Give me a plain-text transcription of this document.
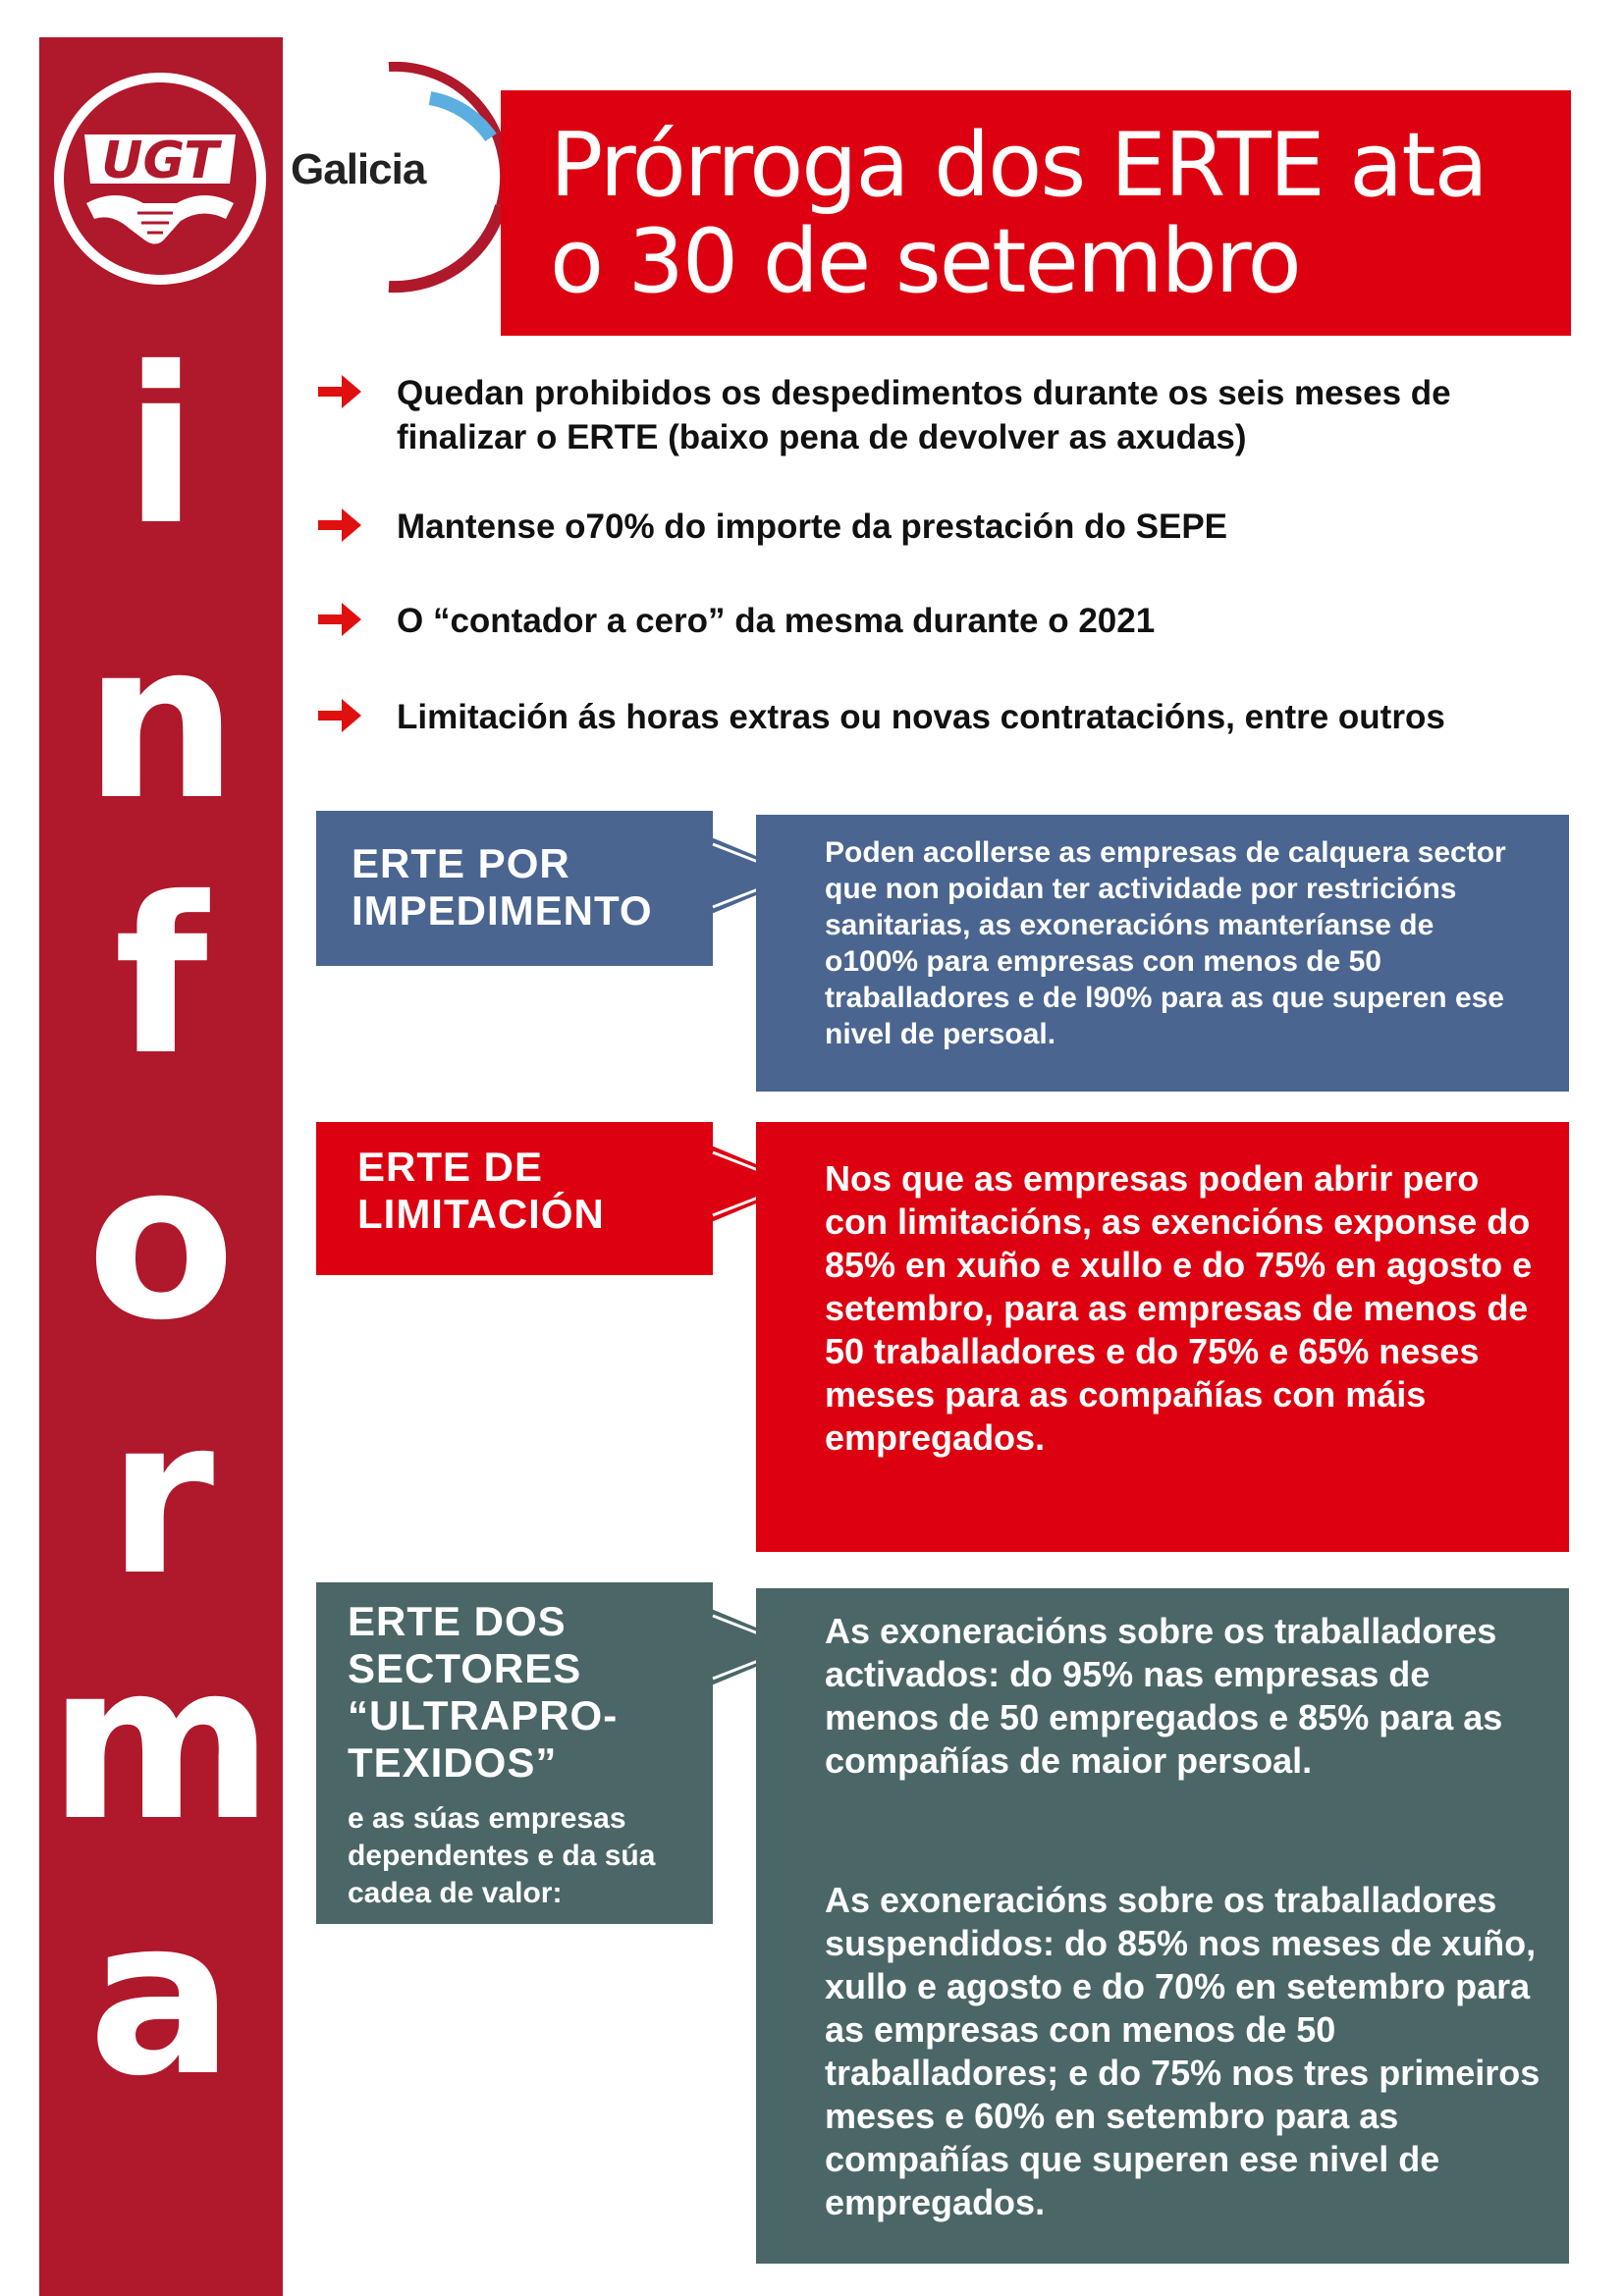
UGT Galicia Prórroga dos ERTE ata
o 30 de setembro
i
n
f
o
r
m
a
Quedan prohibidos os despedimentos durante os seis meses de finalizar o ERTE (baixo pena de devolver as axudas)
Mantense o70% do importe da prestación do SEPE
O “contador a cero” da mesma durante o 2021
Limitación ás horas extras ou novas contratacións, entre outros
ERTE POR
IMPEDIMENTO

Poden acollerse as empresas de calquera sector que non poidan ter actividade por restricións sanitarias, as exoneracións manteríanse de o100% para empresas con menos de 50 traballadores e de l90% para as que superen ese nivel de persoal.

ERTE DE
LIMITACIÓN

Nos que as empresas poden abrir pero con limitacións, as exencións exponse do 85% en xuño e xullo e do 75% en agosto e setembro, para as empresas de menos de 50 traballadores e do 75% e 65% neses meses para as compañías con máis empregados.

ERTE DOS
SECTORES
“ULTRAPRO-
TEXIDOS”
e as súas empresas dependentes e da súa cadea de valor:

As exoneracións sobre os traballadores activados: do 95% nas empresas de menos de 50 empregados e 85% para as compañías de maior persoal.

As exoneracións sobre os traballadores suspendidos: do 85% nos meses de xuño, xullo e agosto e do 70% en setembro para as empresas con menos de 50 traballadores; e do 75% nos tres primeiros meses e 60% en setembro para as compañías que superen ese nivel de empregados.
